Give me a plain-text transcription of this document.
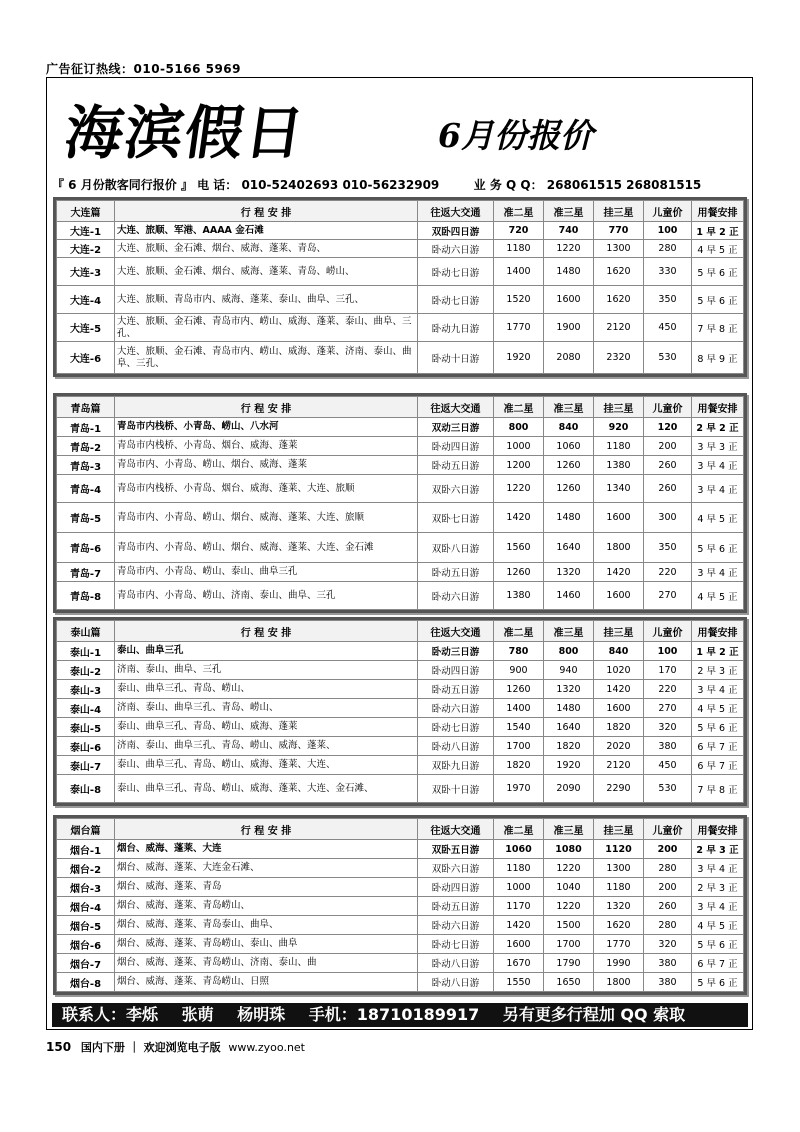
广告征订热线：010-5166 5969
海滨假日	6月份报价
『 6 月份散客同行报价 』 电 话： 010-52402693 010-56232909	业 务 Q Q： 268061515 268081515
大连篇	行 程 安 排	往返大交通	准二星	准三星	挂三星	儿童价	用餐安排
大连-1	大连、旅顺、军港、AAAA 金石滩	双卧四日游	720	740	770	100	1 早 2 正
大连-2	大连、旅顺、金石滩、烟台、威海、蓬莱、青岛、	卧动六日游	1180	1220	1300	280	4 早 5 正
大连-3	大连、旅顺、金石滩、烟台、威海、蓬莱、青岛、崂山、	卧动七日游	1400	1480	1620	330	5 早 6 正
大连-4	大连、旅顺、青岛市内、威海、蓬莱、泰山、曲阜、三孔、	卧动七日游	1520	1600	1620	350	5 早 6 正
大连-5	大连、旅顺、金石滩、青岛市内、崂山、威海、蓬莱、泰山、曲阜、三孔、	卧动九日游	1770	1900	2120	450	7 早 8 正
大连-6	大连、旅顺、金石滩、青岛市内、崂山、威海、蓬莱、济南、泰山、曲阜、三孔、	卧动十日游	1920	2080	2320	530	8 早 9 正
青岛篇	行 程 安 排	往返大交通	准二星	准三星	挂三星	儿童价	用餐安排
青岛-1	青岛市内栈桥、小青岛、崂山、八水河	双动三日游	800	840	920	120	2 早 2 正
青岛-2	青岛市内栈桥、小青岛、烟台、威海、蓬莱	卧动四日游	1000	1060	1180	200	3 早 3 正
青岛-3	青岛市内、小青岛、崂山、烟台、威海、蓬莱	卧动五日游	1200	1260	1380	260	3 早 4 正
青岛-4	青岛市内栈桥、小青岛、烟台、威海、蓬莱、大连、旅顺	双卧六日游	1220	1260	1340	260	3 早 4 正
青岛-5	青岛市内、小青岛、崂山、烟台、威海、蓬莱、大连、旅顺	双卧七日游	1420	1480	1600	300	4 早 5 正
青岛-6	青岛市内、小青岛、崂山、烟台、威海、蓬莱、大连、金石滩	双卧八日游	1560	1640	1800	350	5 早 6 正
青岛-7	青岛市内、小青岛、崂山、泰山、曲阜三孔	卧动五日游	1260	1320	1420	220	3 早 4 正
青岛-8	青岛市内、小青岛、崂山、济南、泰山、曲阜、三孔	卧动六日游	1380	1460	1600	270	4 早 5 正
泰山篇	行 程 安 排	往返大交通	准二星	准三星	挂三星	儿童价	用餐安排
泰山-1	泰山、曲阜三孔	卧动三日游	780	800	840	100	1 早 2 正
泰山-2	济南、泰山、曲阜、三孔	卧动四日游	900	940	1020	170	2 早 3 正
泰山-3	泰山、曲阜三孔、青岛、崂山、	卧动五日游	1260	1320	1420	220	3 早 4 正
泰山-4	济南、泰山、曲阜三孔、青岛、崂山、	卧动六日游	1400	1480	1600	270	4 早 5 正
泰山-5	泰山、曲阜三孔、青岛、崂山、威海、蓬莱	卧动七日游	1540	1640	1820	320	5 早 6 正
泰山-6	济南、泰山、曲阜三孔、青岛、崂山、威海、蓬莱、	卧动八日游	1700	1820	2020	380	6 早 7 正
泰山-7	泰山、曲阜三孔、青岛、崂山、威海、蓬莱、大连、	双卧九日游	1820	1920	2120	450	6 早 7 正
泰山-8	泰山、曲阜三孔、青岛、崂山、威海、蓬莱、大连、金石滩、	双卧十日游	1970	2090	2290	530	7 早 8 正
烟台篇	行 程 安 排	往返大交通	准二星	准三星	挂三星	儿童价	用餐安排
烟台-1	烟台、威海、蓬莱、大连	双卧五日游	1060	1080	1120	200	2 早 3 正
烟台-2	烟台、威海、蓬莱、大连金石滩、	双卧六日游	1180	1220	1300	280	3 早 4 正
烟台-3	烟台、威海、蓬莱、青岛	卧动四日游	1000	1040	1180	200	2 早 3 正
烟台-4	烟台、威海、蓬莱、青岛崂山、	卧动五日游	1170	1220	1320	260	3 早 4 正
烟台-5	烟台、威海、蓬莱、青岛泰山、曲阜、	卧动六日游	1420	1500	1620	280	4 早 5 正
烟台-6	烟台、威海、蓬莱、青岛崂山、泰山、曲阜	卧动七日游	1600	1700	1770	320	5 早 6 正
烟台-7	烟台、威海、蓬莱、青岛崂山、济南、泰山、曲	卧动八日游	1670	1790	1990	380	6 早 7 正
烟台-8	烟台、威海、蓬莱、青岛崂山、日照	卧动八日游	1550	1650	1800	380	5 早 6 正
联系人：李烁 张萌 杨明珠 手机：18710189917 另有更多行程加 QQ 索取
150 国内下册 ｜ 欢迎浏览电子版 www.zyoo.net
